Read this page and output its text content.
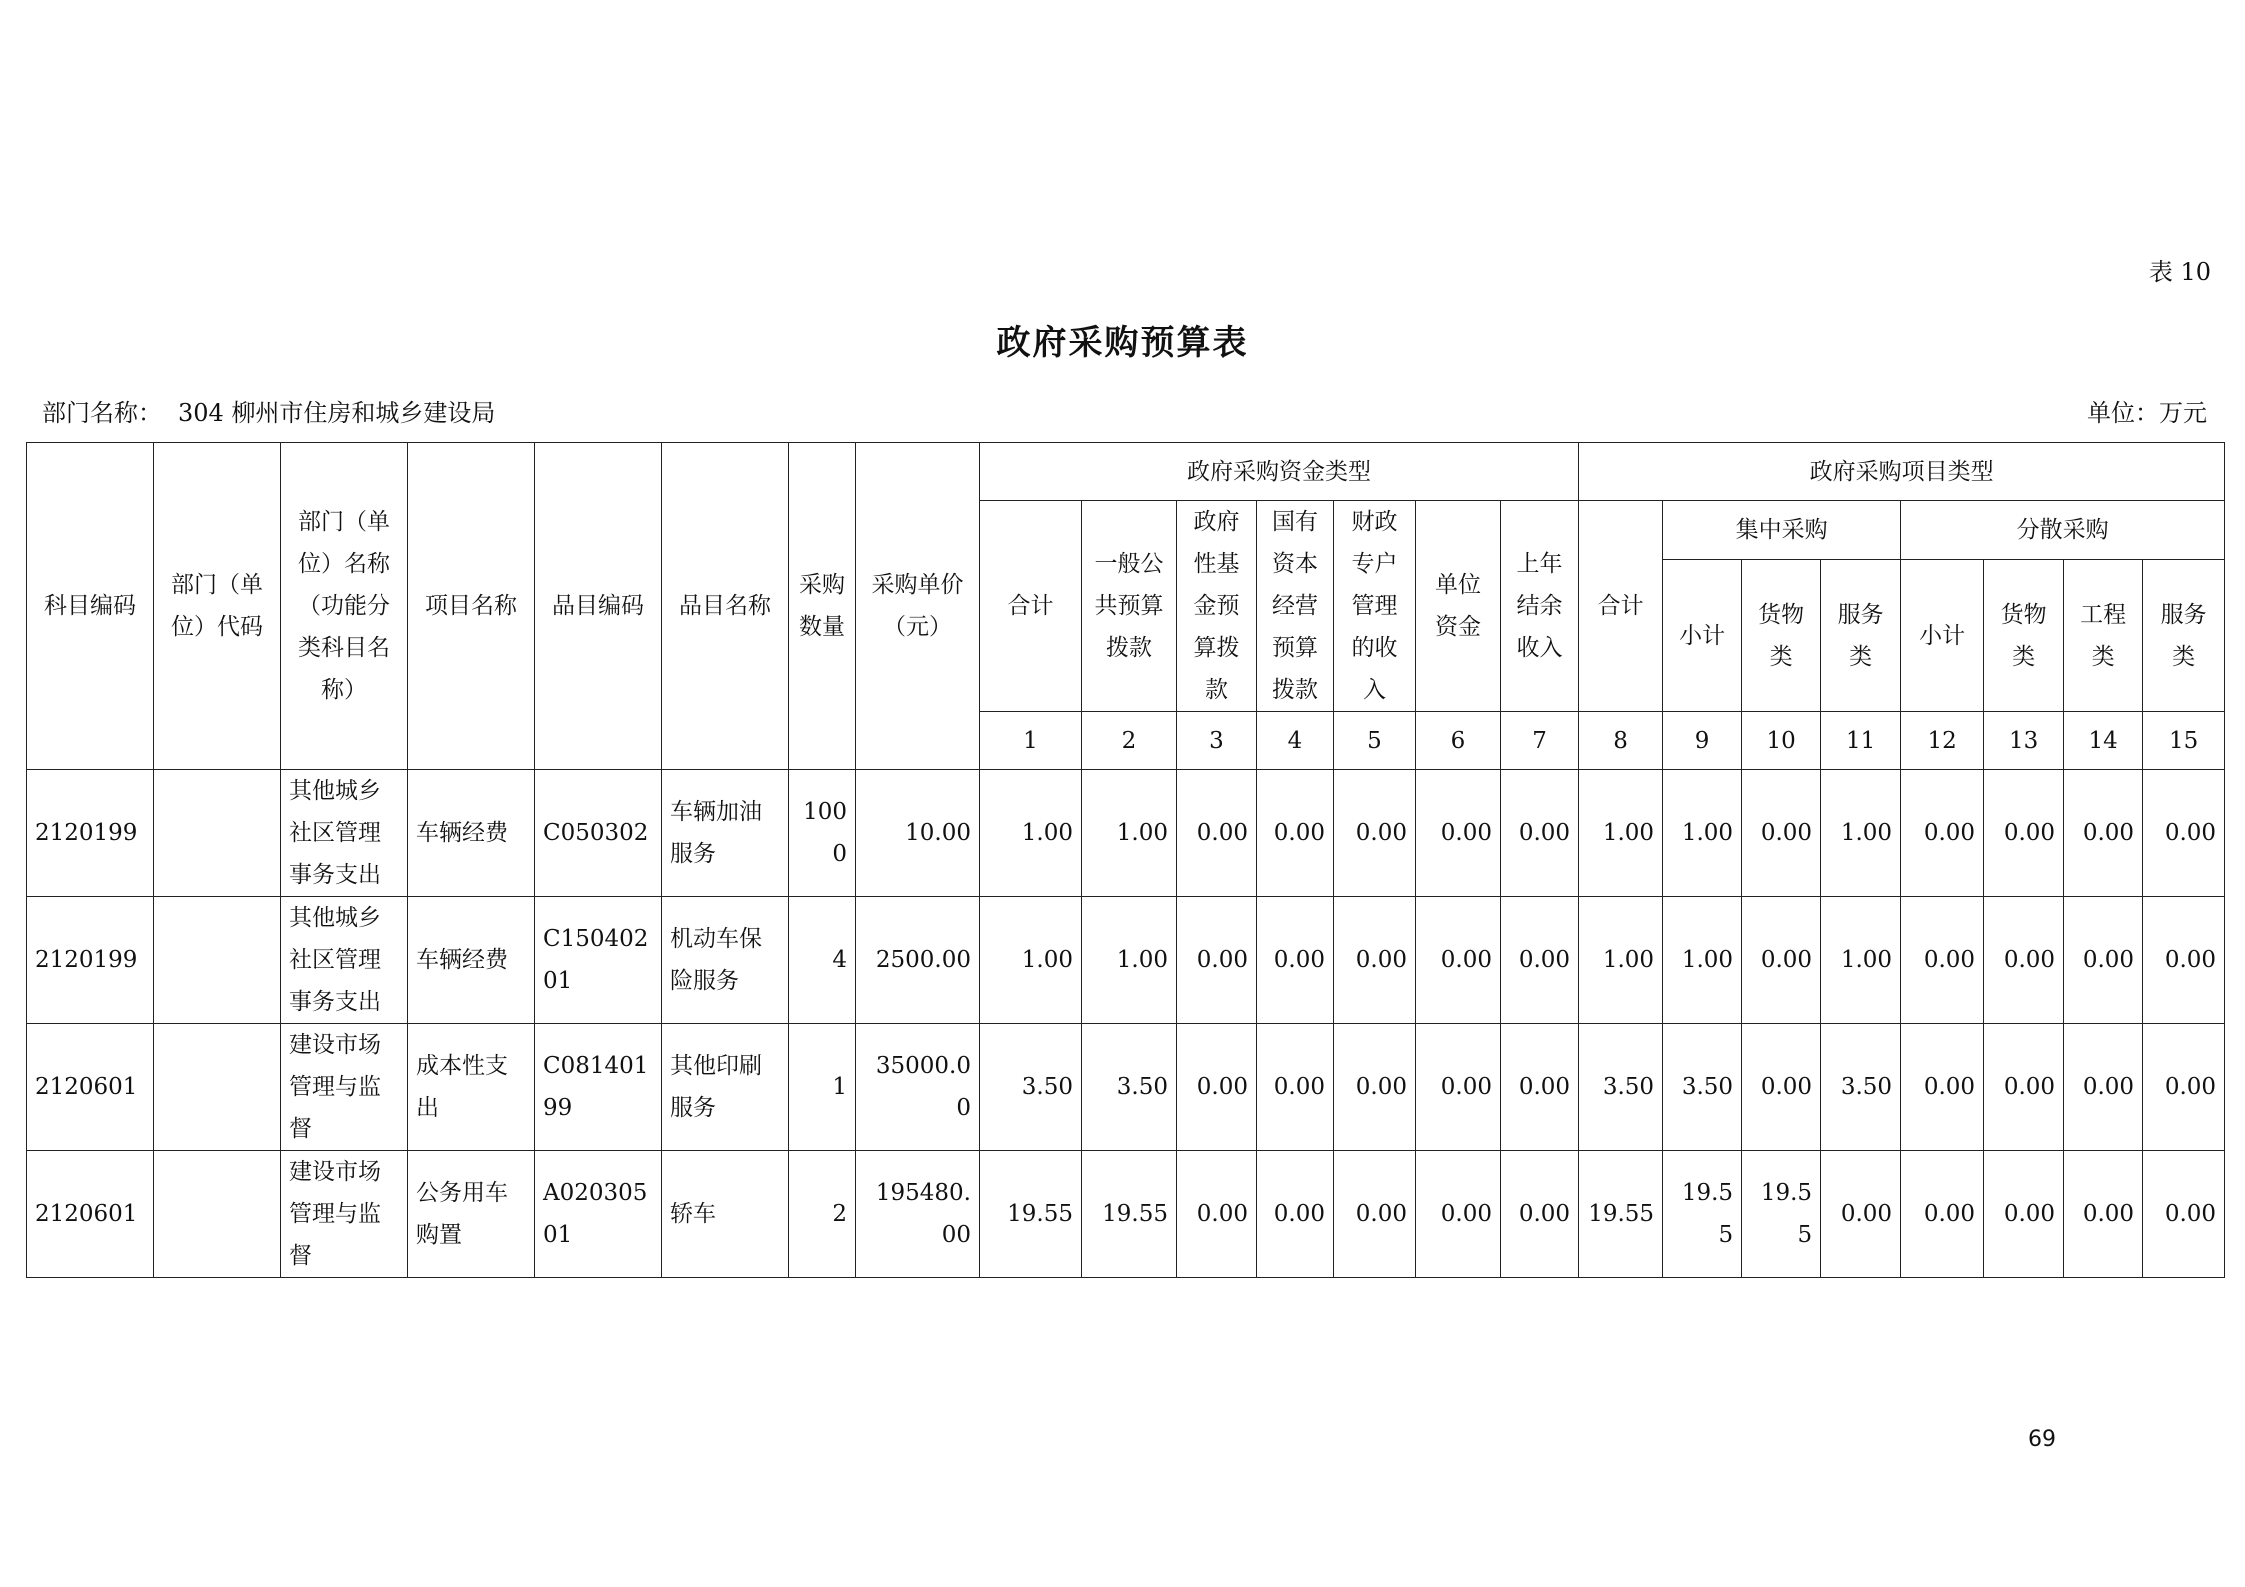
表 10
政府采购预算表
部门名称： 304 柳州市住房和城乡建设局	单位：万元
科目编码	部门（单位）代码	部门（单位）名称（功能分类科目名称）	项目名称	品目编码	品目名称	采购数量	采购单价（元）	政府采购资金类型							政府采购项目类型							
								合计	一般公共预算拨款	政府性基金预算拨款	国有资本经营预算拨款	财政专户管理的收入	单位资金	上年结余收入	合计	集中采购			分散采购			
																小计	货物类	服务类	小计	货物类	工程类	服务类
								1	2	3	4	5	6	7	8	9	10	11	12	13	14	15
2120199		其他城乡社区管理事务支出	车辆经费	C050302	车辆加油服务	1000	10.00	1.00	1.00	0.00	0.00	0.00	0.00	0.00	1.00	1.00	0.00	1.00	0.00	0.00	0.00	0.00
2120199		其他城乡社区管理事务支出	车辆经费	C15040201	机动车保险服务	4	2500.00	1.00	1.00	0.00	0.00	0.00	0.00	0.00	1.00	1.00	0.00	1.00	0.00	0.00	0.00	0.00
2120601		建设市场管理与监督	成本性支出	C08140199	其他印刷服务	1	35000.00	3.50	3.50	0.00	0.00	0.00	0.00	0.00	3.50	3.50	0.00	3.50	0.00	0.00	0.00	0.00
2120601		建设市场管理与监督	公务用车购置	A02030501	轿车	2	195480.00	19.55	19.55	0.00	0.00	0.00	0.00	0.00	19.55	19.55	19.55	0.00	0.00	0.00	0.00	0.00
69
